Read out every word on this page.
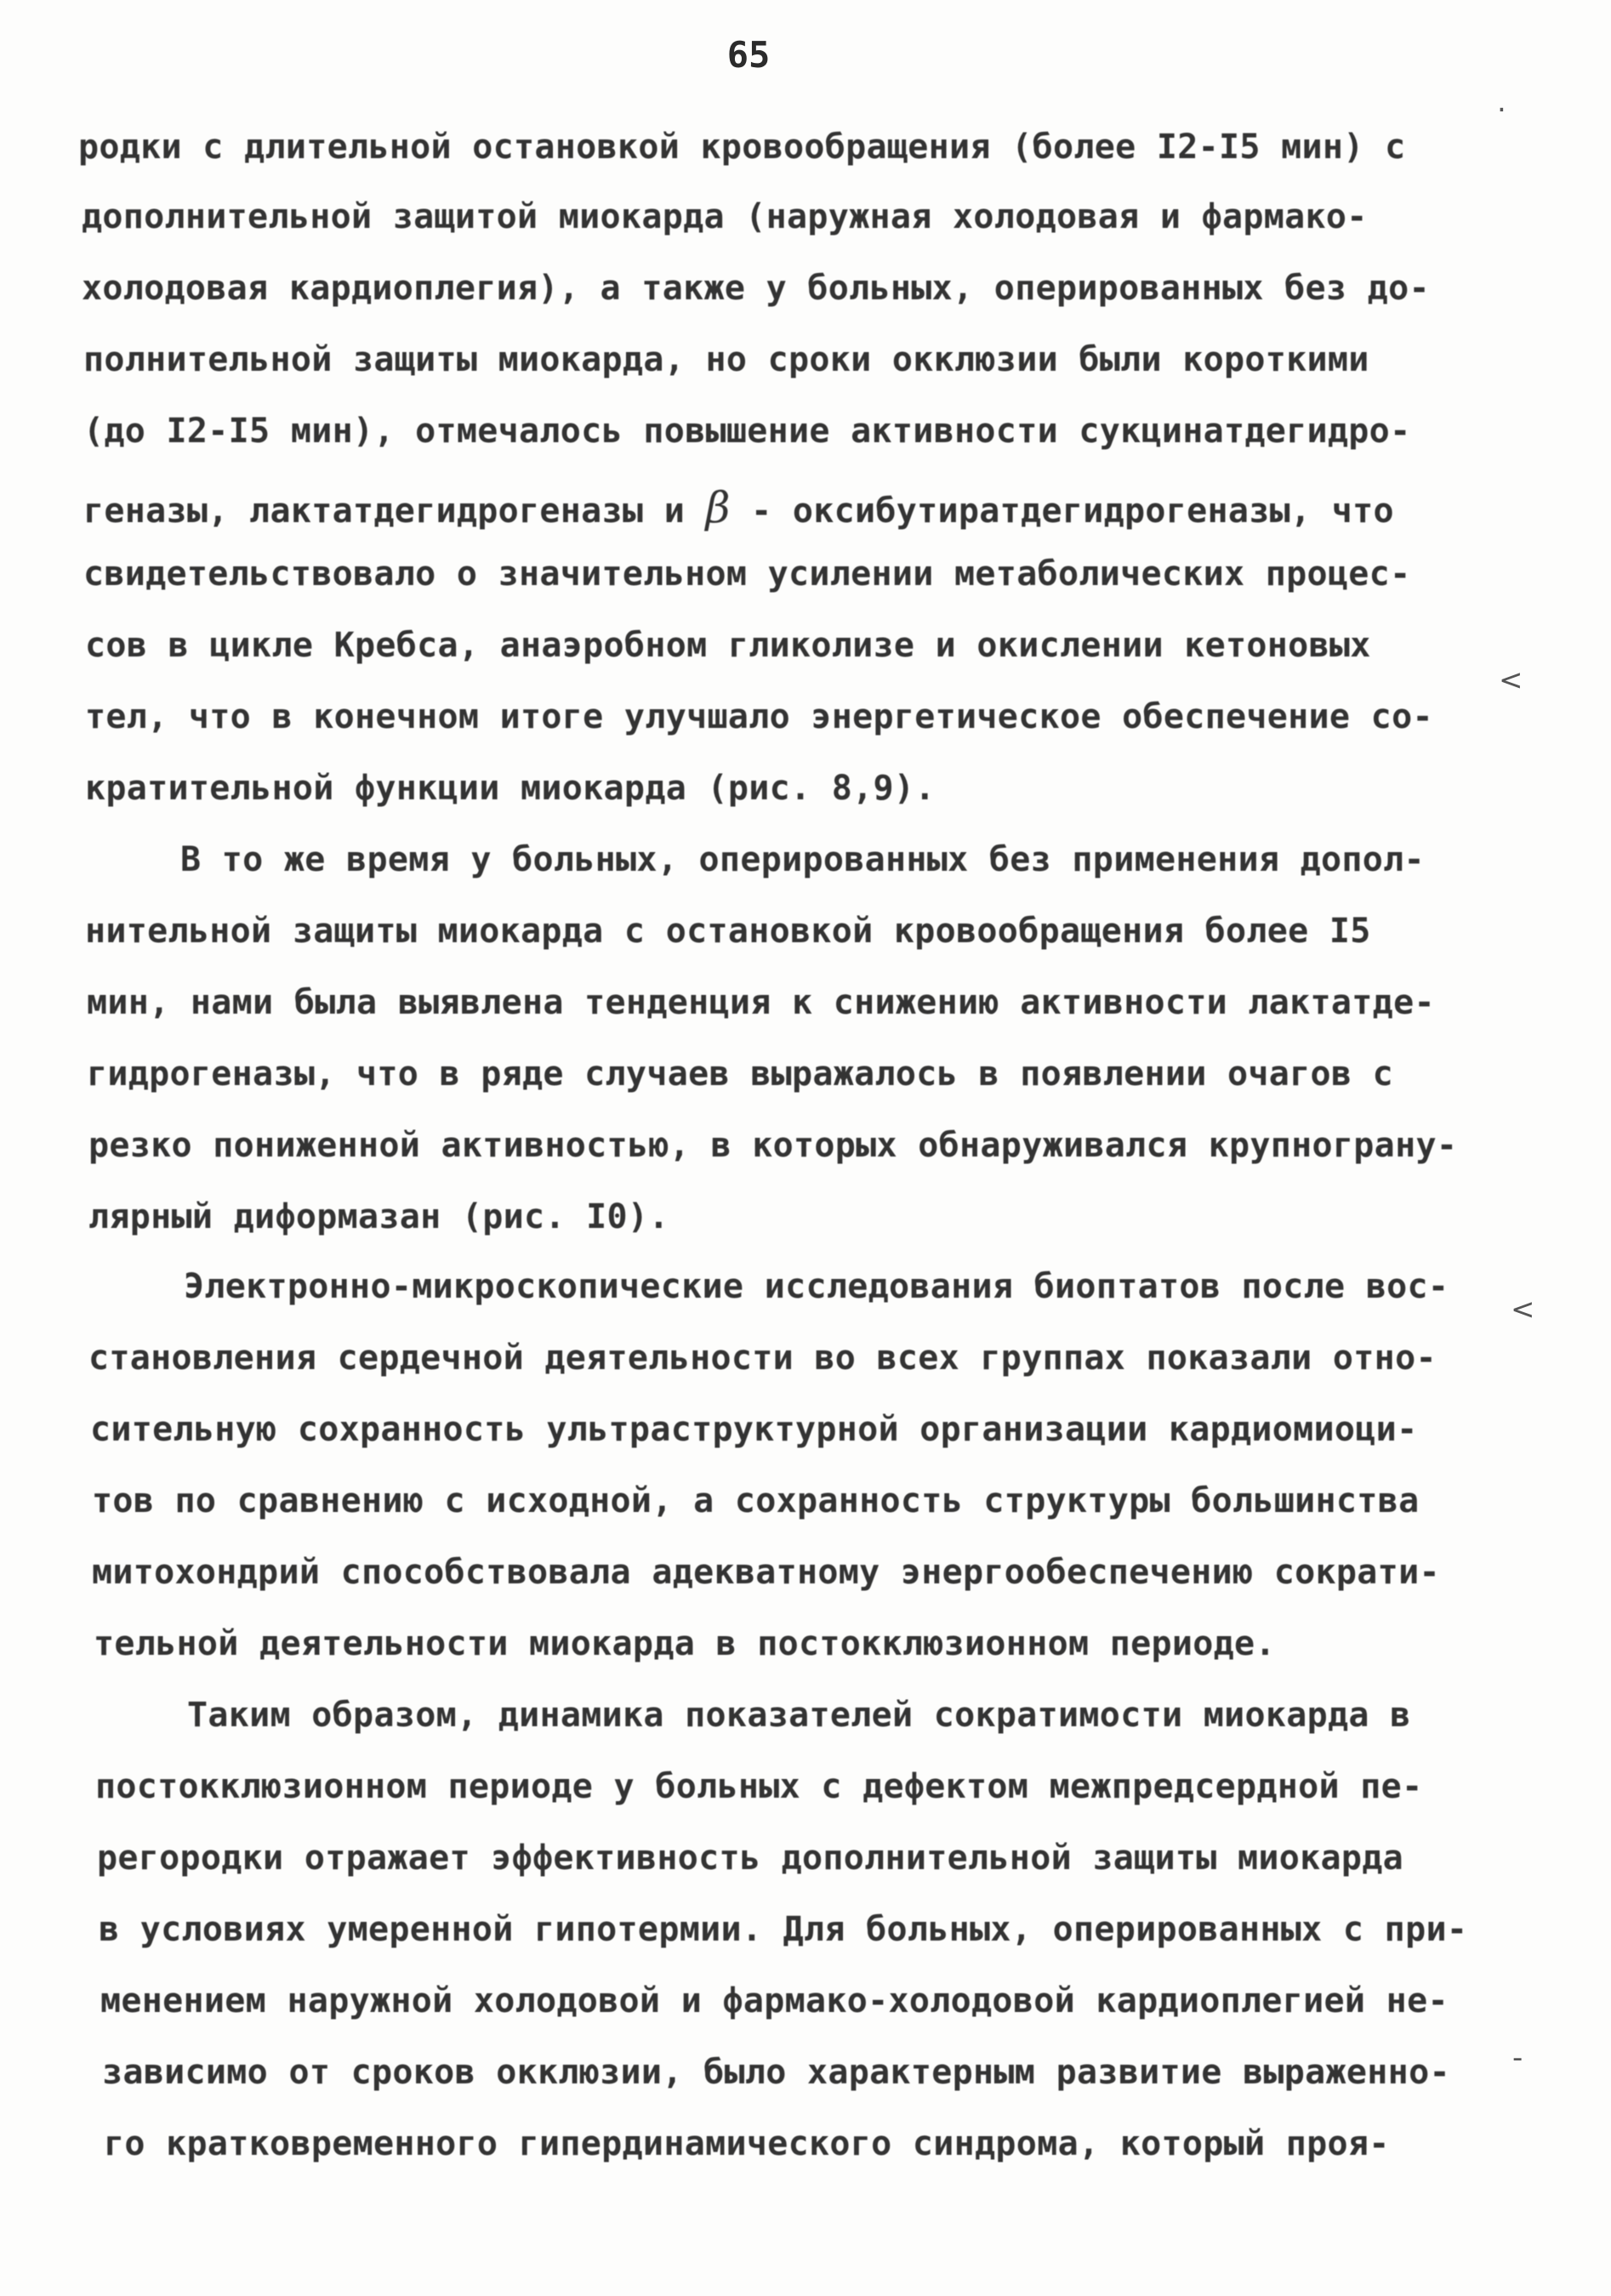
65
родки с длительной остановкой кровообращения (более I2-I5 мин) с
дополнительной защитой миокарда (наружная холодовая и фармако-
холодовая кардиоплегия), а также у больных, оперированных без до-
полнительной защиты миокарда, но сроки окклюзии были короткими
(до I2-I5 мин), отмечалось повышение активности сукцинатдегидро-
геназы, лактатдегидрогеназы и β - оксибутиратдегидрогеназы, что
свидетельствовало о значительном усилении метаболических процес-
сов в цикле Кребса, анаэробном гликолизе и окислении кетоновых
тел, что в конечном итоге улучшало энергетическое обеспечение со-
кратительной функции миокарда (рис. 8,9).
В то же время у больных, оперированных без применения допол-
нительной защиты миокарда с остановкой кровообращения более I5
мин, нами была выявлена тенденция к снижению активности лактатде-
гидрогеназы, что в ряде случаев выражалось в появлении очагов с
резко пониженной активностью, в которых обнаруживался крупнограну-
лярный диформазан (рис. I0).
Электронно-микроскопические исследования биоптатов после вос-
становления сердечной деятельности во всех группах показали отно-
сительную сохранность ультраструктурной организации кардиомиоци-
тов по сравнению с исходной, а сохранность структуры большинства
митохондрий способствовала адекватному энергообеспечению сократи-
тельной деятельности миокарда в постокклюзионном периоде.
Таким образом, динамика показателей сократимости миокарда в
постокклюзионном периоде у больных с дефектом межпредсердной пе-
регородки отражает эффективность дополнительной защиты миокарда
в условиях умеренной гипотермии. Для больных, оперированных с при-
менением наружной холодовой и фармако-холодовой кардиоплегией не-
зависимо от сроков окклюзии, было характерным развитие выраженно-
го кратковременного гипердинамического синдрома, который проя-
<
<
-
.
